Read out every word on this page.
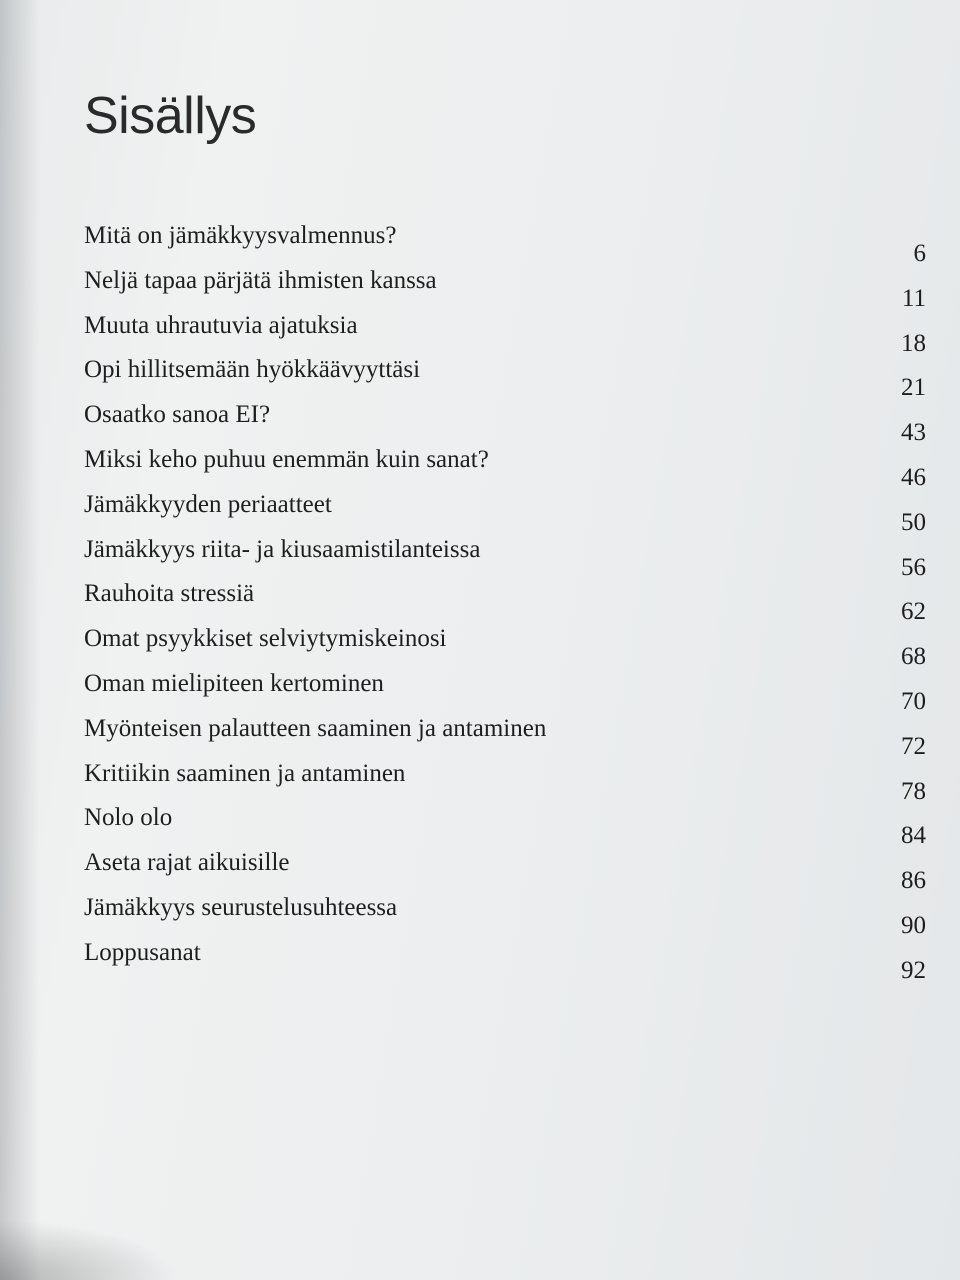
Sisällys
Mitä on jämäkkyysvalmennus?
6
Neljä tapaa pärjätä ihmisten kanssa
11
Muuta uhrautuvia ajatuksia
18
Opi hillitsemään hyökkäävyyttäsi
21
Osaatko sanoa EI?
43
Miksi keho puhuu enemmän kuin sanat?
46
Jämäkkyyden periaatteet
50
Jämäkkyys riita- ja kiusaamistilanteissa
56
Rauhoita stressiä
62
Omat psyykkiset selviytymiskeinosi
68
Oman mielipiteen kertominen
70
Myönteisen palautteen saaminen ja antaminen
72
Kritiikin saaminen ja antaminen
78
Nolo olo
84
Aseta rajat aikuisille
86
Jämäkkyys seurustelusuhteessa
90
Loppusanat
92
